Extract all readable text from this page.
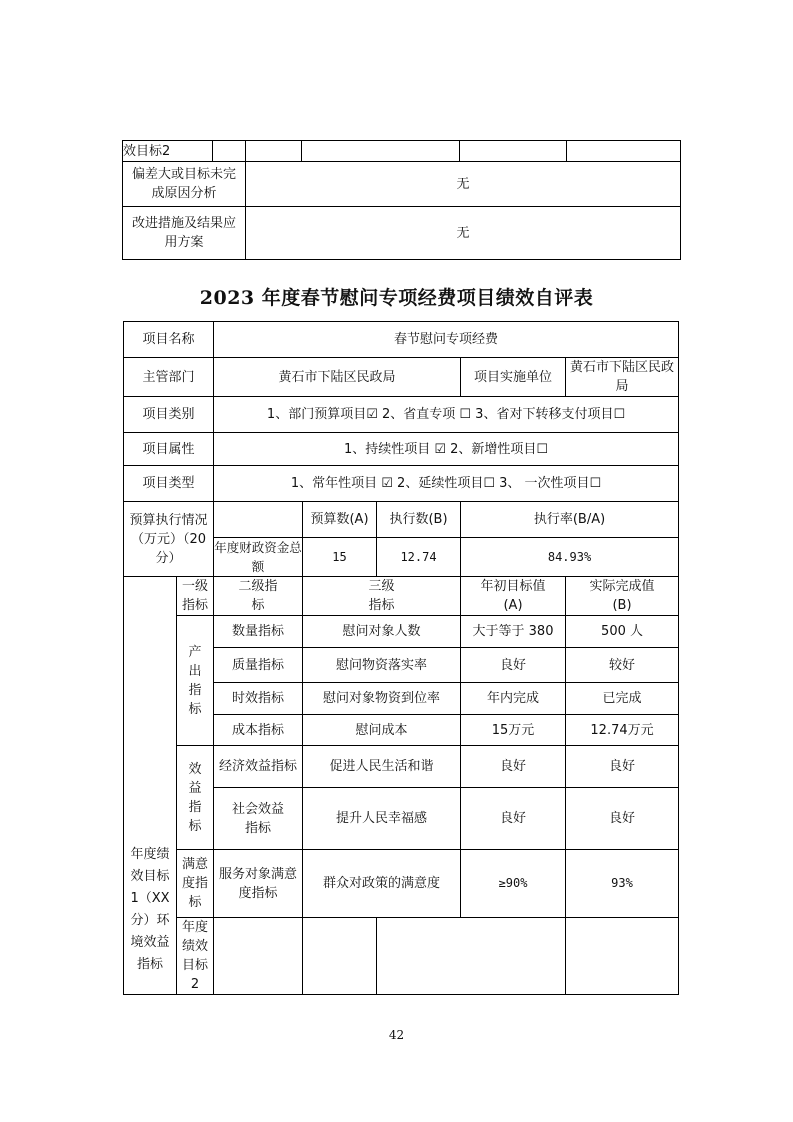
效目标2					
偏差大或目标未完成原因分析		无			
改进措施及结果应用方案		无			
2023 年度春节慰问专项经费项目绩效自评表
项目名称		春节慰问专项经费					
主管部门		黄石市下陆区民政局			项目实施单位	黄石市下陆区民政局	
项目类别		1、部门预算项目☑ 2、省直专项 ☐ 3、省对下转移支付项目☐					
项目属性		1、持续性项目 ☑ 2、新增性项目☐					
项目类型		1、常年性项目 ☑ 2、延续性项目☐ 3、 一次性项目☐					
预算执行情况（万元）（20分）			预算数(A)	执行数(B)	执行率(B/A)		
		年度财政资金总额	15	12.74	84.93%		
年度绩效目标1（XX 分）环境效益指标	一级指标	二级指标	三级指标		年初目标值(A)	实际完成值(B)	
	产出指标	数量指标	慰问对象人数		大于等于 380	500 人	
		质量指标	慰问物资落实率		良好	较好	
		时效指标	慰问对象物资到位率		年内完成	已完成	
		成本指标	慰问成本		15万元	12.74万元	
	效益指标	经济效益指标	促进人民生活和谐		良好	良好	
		社会效益指标	提升人民幸福感		良好	良好	
	满意度指标	服务对象满意度指标	群众对政策的满意度		≥90%	93%	
	年度绩效目标2						
42
